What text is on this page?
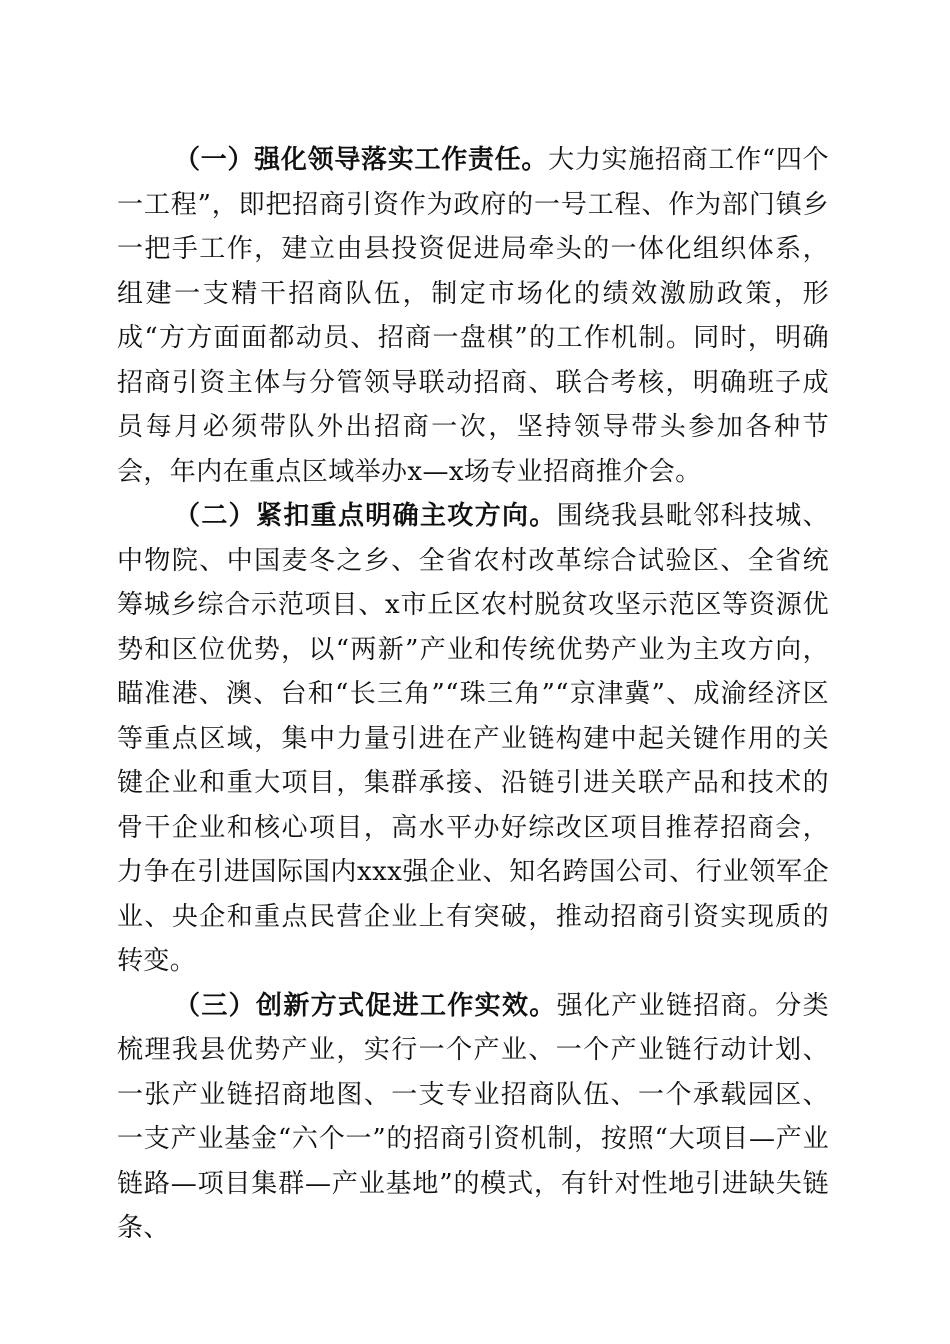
（一）强化领导落实工作责任。大力实施招商工作“四个一工程”，即把招商引资作为政府的一号工程、作为部门镇乡一把手工作，建立由县投资促进局牵头的一体化组织体系，组建一支精干招商队伍，制定市场化的绩效激励政策，形成“方方面面都动员、招商一盘棋”的工作机制。同时，明确招商引资主体与分管领导联动招商、联合考核，明确班子成员每月必须带队外出招商一次，坚持领导带头参加各种节会，年内在重点区域举办x—x场专业招商推介会。

（二）紧扣重点明确主攻方向。围绕我县毗邻科技城、中物院、中国麦冬之乡、全省农村改革综合试验区、全省统筹城乡综合示范项目、x市丘区农村脱贫攻坚示范区等资源优势和区位优势，以“两新”产业和传统优势产业为主攻方向，瞄准港、澳、台和“长三角”“珠三角”“京津冀”、成渝经济区等重点区域，集中力量引进在产业链构建中起关键作用的关键企业和重大项目，集群承接、沿链引进关联产品和技术的骨干企业和核心项目，高水平办好综改区项目推荐招商会，力争在引进国际国内xxx强企业、知名跨国公司、行业领军企业、央企和重点民营企业上有突破，推动招商引资实现质的转变。

（三）创新方式促进工作实效。强化产业链招商。分类梳理我县优势产业，实行一个产业、一个产业链行动计划、一张产业链招商地图、一支专业招商队伍、一个承载园区、一支产业基金“六个一”的招商引资机制，按照“大项目—产业链路—项目集群—产业基地”的模式，有针对性地引进缺失链条、
